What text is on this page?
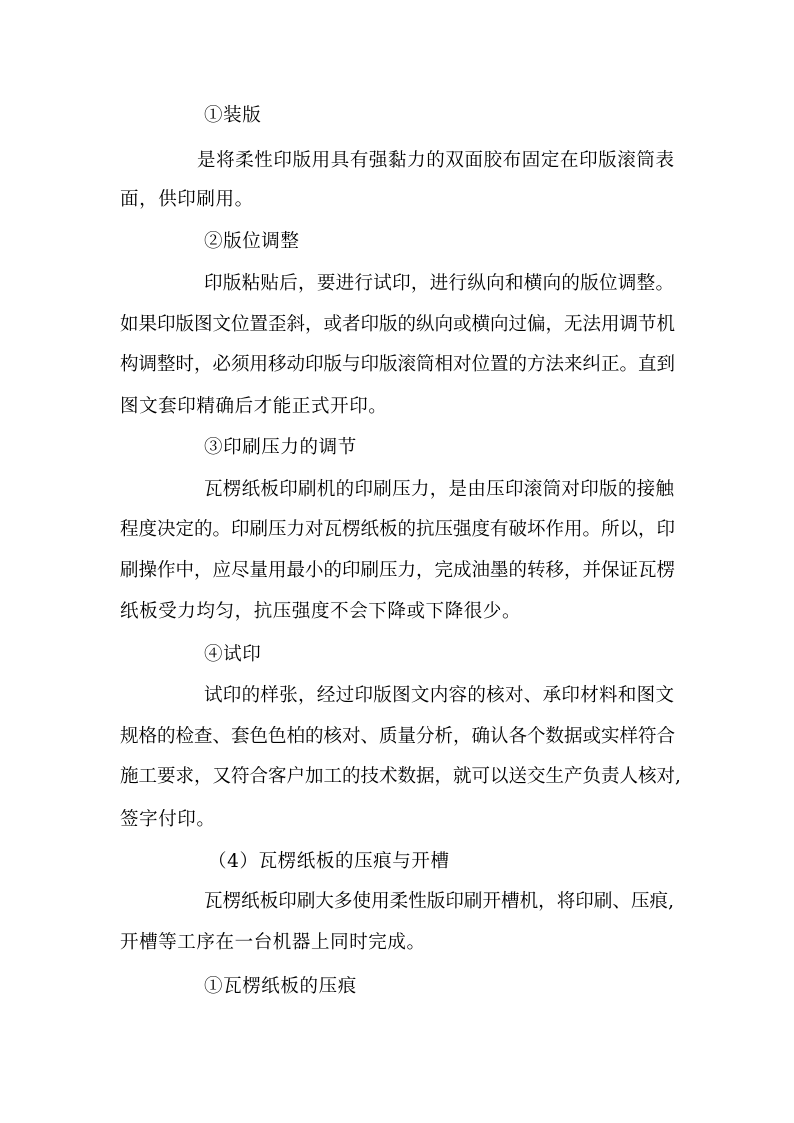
①装版
是将柔性印版用具有强黏力的双面胶布固定在印版滚筒表
面，供印刷用。
②版位调整
印版粘贴后，要进行试印，进行纵向和横向的版位调整。
如果印版图文位置歪斜，或者印版的纵向或横向过偏，无法用调节机
构调整时，必须用移动印版与印版滚筒相对位置的方法来纠正。直到
图文套印精确后才能正式开印。
③印刷压力的调节
瓦楞纸板印刷机的印刷压力，是由压印滚筒对印版的接触
程度决定的。印刷压力对瓦楞纸板的抗压强度有破坏作用。所以，印
刷操作中，应尽量用最小的印刷压力，完成油墨的转移，并保证瓦楞
纸板受力均匀，抗压强度不会下降或下降很少。
④试印
试印的样张，经过印版图文内容的核对、承印材料和图文
规格的检查、套色色柏的核对、质量分析，确认各个数据或实样符合
施工要求，又符合客户加工的技术数据，就可以送交生产负责人核对,
签字付印。
（4）瓦楞纸板的压痕与开槽
瓦楞纸板印刷大多使用柔性版印刷开槽机，将印刷、压痕,
开槽等工序在一台机器上同时完成。
①瓦楞纸板的压痕
